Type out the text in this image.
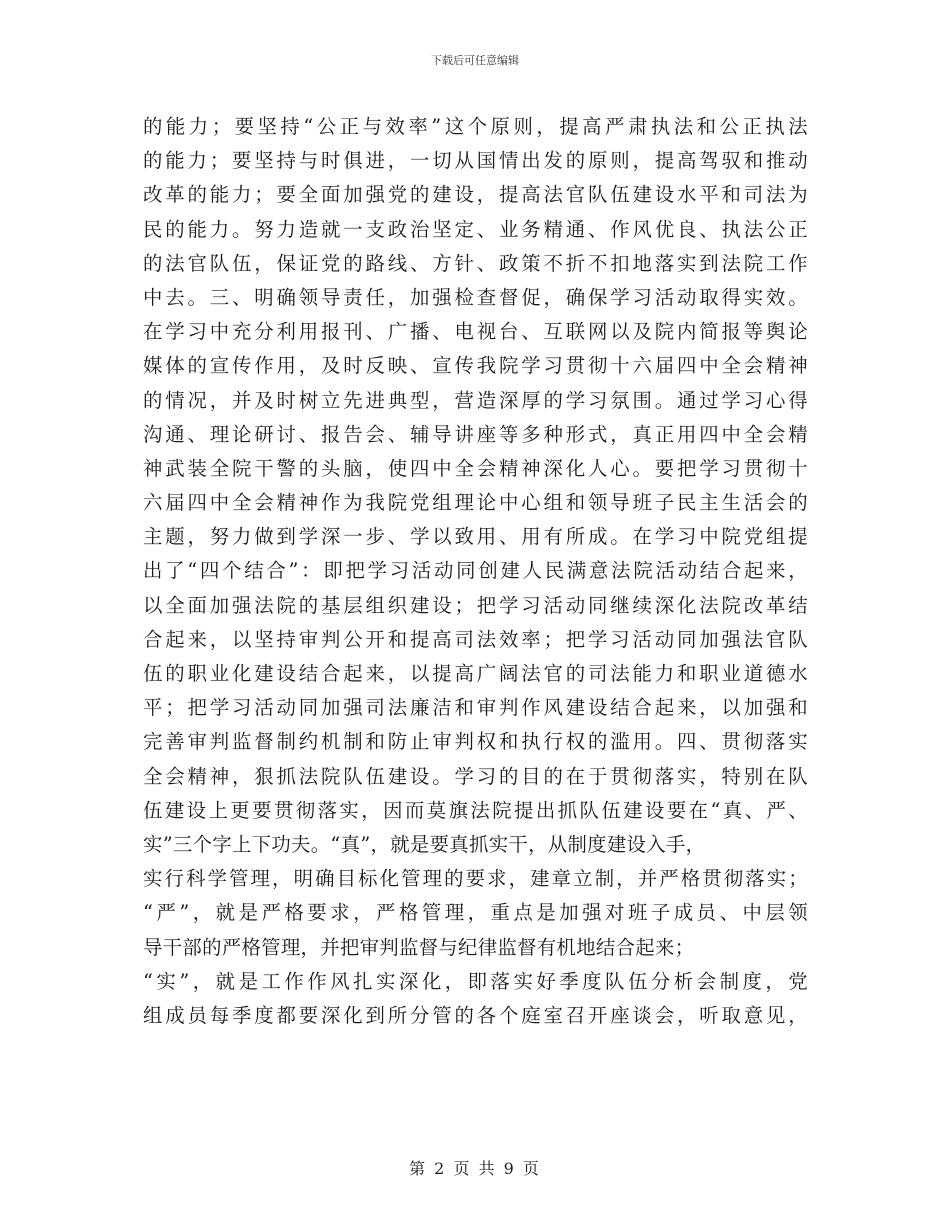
下载后可任意编辑
的能力；要坚持“公正与效率”这个原则，提高严肃执法和公正执法
的能力；要坚持与时俱进，一切从国情出发的原则，提高驾驭和推动
改革的能力；要全面加强党的建设，提高法官队伍建设水平和司法为
民的能力。努力造就一支政治坚定、业务精通、作风优良、执法公正
的法官队伍，保证党的路线、方针、政策不折不扣地落实到法院工作
中去。三、明确领导责任，加强检查督促，确保学习活动取得实效。
在学习中充分利用报刊、广播、电视台、互联网以及院内简报等舆论
媒体的宣传作用，及时反映、宣传我院学习贯彻十六届四中全会精神
的情况，并及时树立先进典型，营造深厚的学习氛围。通过学习心得
沟通、理论研讨、报告会、辅导讲座等多种形式，真正用四中全会精
神武装全院干警的头脑，使四中全会精神深化人心。要把学习贯彻十
六届四中全会精神作为我院党组理论中心组和领导班子民主生活会的
主题，努力做到学深一步、学以致用、用有所成。在学习中院党组提
出了“四个结合”：即把学习活动同创建人民满意法院活动结合起来，
以全面加强法院的基层组织建设；把学习活动同继续深化法院改革结
合起来，以坚持审判公开和提高司法效率；把学习活动同加强法官队
伍的职业化建设结合起来，以提高广阔法官的司法能力和职业道德水
平；把学习活动同加强司法廉洁和审判作风建设结合起来，以加强和
完善审判监督制约机制和防止审判权和执行权的滥用。四、贯彻落实
全会精神，狠抓法院队伍建设。学习的目的在于贯彻落实，特别在队
伍建设上更要贯彻落实，因而莫旗法院提出抓队伍建设要在“真、严、
实”三个字上下功夫。“真”，就是要真抓实干，从制度建设入手，
实行科学管理，明确目标化管理的要求，建章立制，并严格贯彻落实；
“严”，就是严格要求，严格管理，重点是加强对班子成员、中层领
导干部的严格管理，并把审判监督与纪律监督有机地结合起来；
“实”，就是工作作风扎实深化，即落实好季度队伍分析会制度，党
组成员每季度都要深化到所分管的各个庭室召开座谈会，听取意见，
第 2 页 共 9 页
